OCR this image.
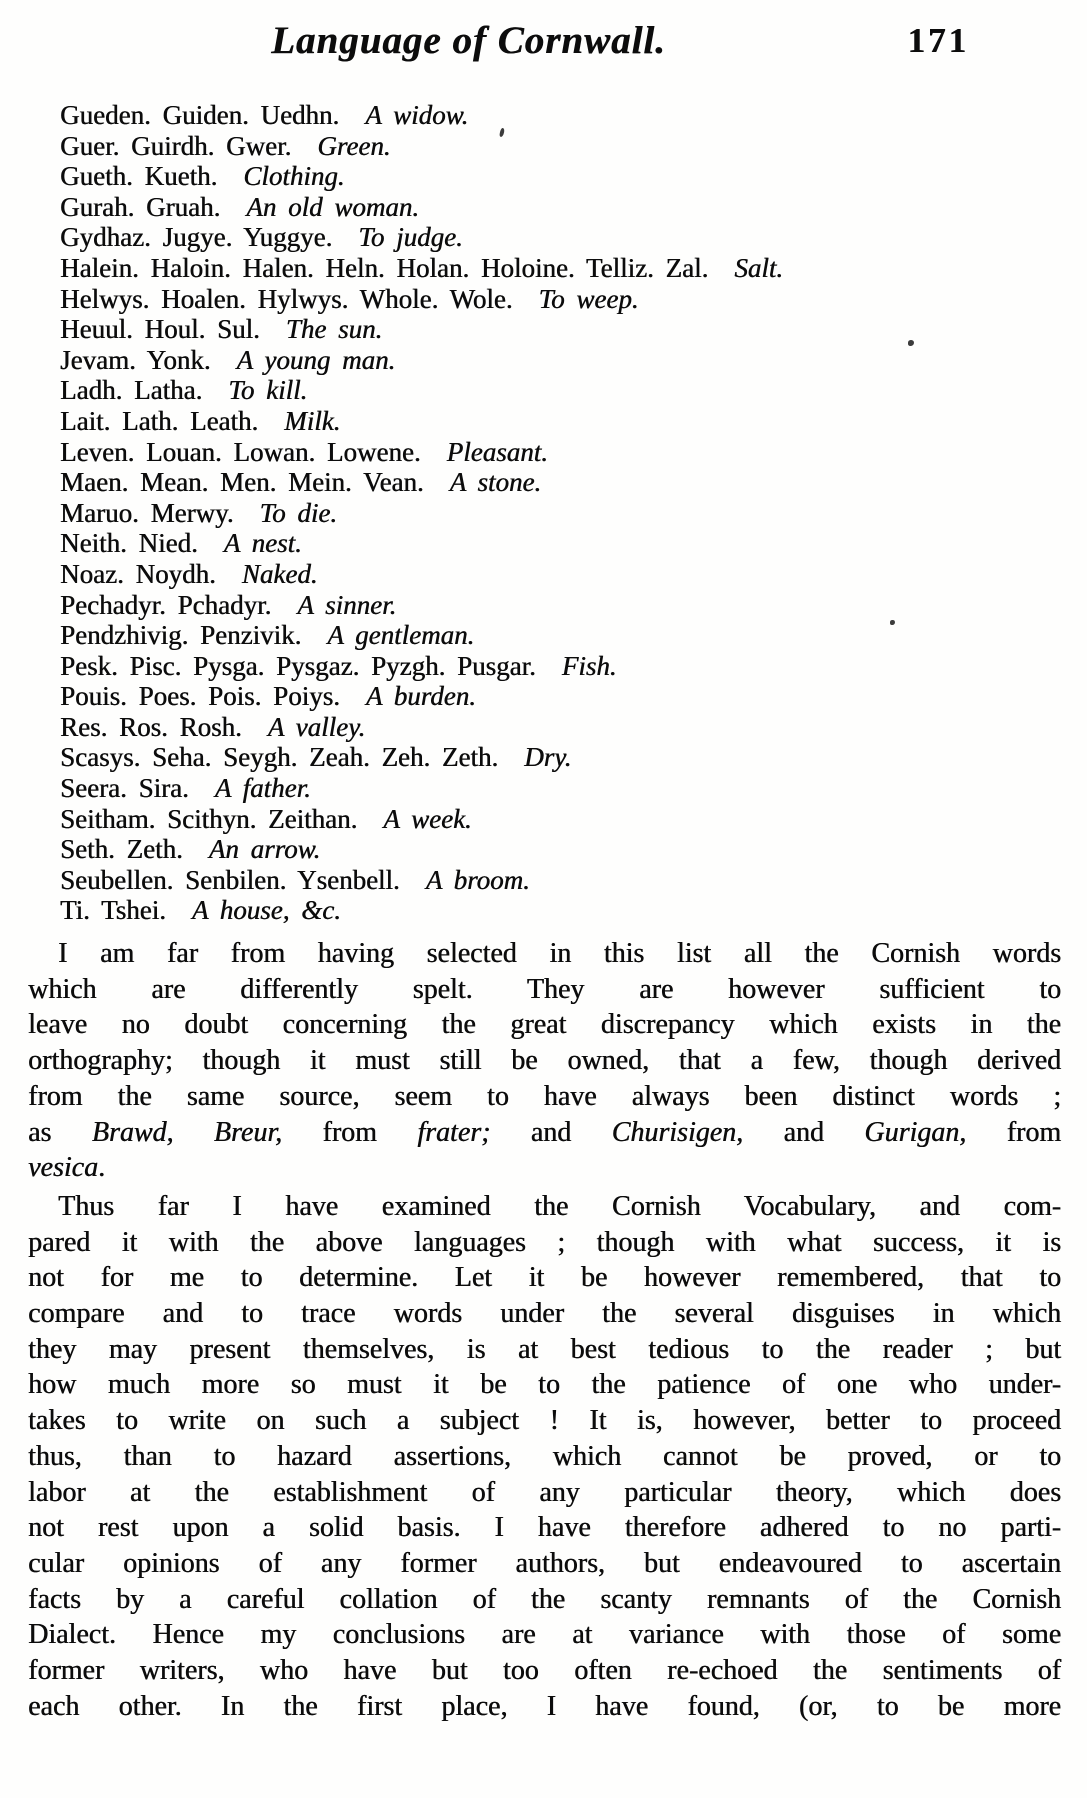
Language of Cornwall.	171
Gueden. Guiden. Uedhn. A widow.
Guer. Guirdh. Gwer. Green.
Gueth. Kueth. Clothing.
Gurah. Gruah. An old woman.
Gydhaz. Jugye. Yuggye. To judge.
Halein. Haloin. Halen. Heln. Holan. Holoine. Telliz. Zal. Salt.
Helwys. Hoalen. Hylwys. Whole. Wole. To weep.
Heuul. Houl. Sul. The sun.
Jevam. Yonk. A young man.
Ladh. Latha. To kill.
Lait. Lath. Leath. Milk.
Leven. Louan. Lowan. Lowene. Pleasant.
Maen. Mean. Men. Mein. Vean. A stone.
Maruo. Merwy. To die.
Neith. Nied. A nest.
Noaz. Noydh. Naked.
Pechadyr. Pchadyr. A sinner.
Pendzhivig. Penzivik. A gentleman.
Pesk. Pisc. Pysga. Pysgaz. Pyzgh. Pusgar. Fish.
Pouis. Poes. Pois. Poiys. A burden.
Res. Ros. Rosh. A valley.
Scasys. Seha. Seygh. Zeah. Zeh. Zeth. Dry.
Seera. Sira. A father.
Seitham. Scithyn. Zeithan. A week.
Seth. Zeth. An arrow.
Seubellen. Senbilen. Ysenbell. A broom.
Ti. Tshei. A house, &c.
I am far from having selected in this list all the Cornish words
which are differently spelt. They are however sufficient to
leave no doubt concerning the great discrepancy which exists in the
orthography; though it must still be owned, that a few, though derived
from the same source, seem to have always been distinct words ;
as Brawd, Breur, from frater; and Churisigen, and Gurigan, from
vesica.
Thus far I have examined the Cornish Vocabulary, and com-
pared it with the above languages ; though with what success, it is
not for me to determine. Let it be however remembered, that to
compare and to trace words under the several disguises in which
they may present themselves, is at best tedious to the reader ; but
how much more so must it be to the patience of one who under-
takes to write on such a subject ! It is, however, better to proceed
thus, than to hazard assertions, which cannot be proved, or to
labor at the establishment of any particular theory, which does
not rest upon a solid basis. I have therefore adhered to no parti-
cular opinions of any former authors, but endeavoured to ascertain
facts by a careful collation of the scanty remnants of the Cornish
Dialect. Hence my conclusions are at variance with those of some
former writers, who have but too often re-echoed the sentiments of
each other. In the first place, I have found, (or, to be more
